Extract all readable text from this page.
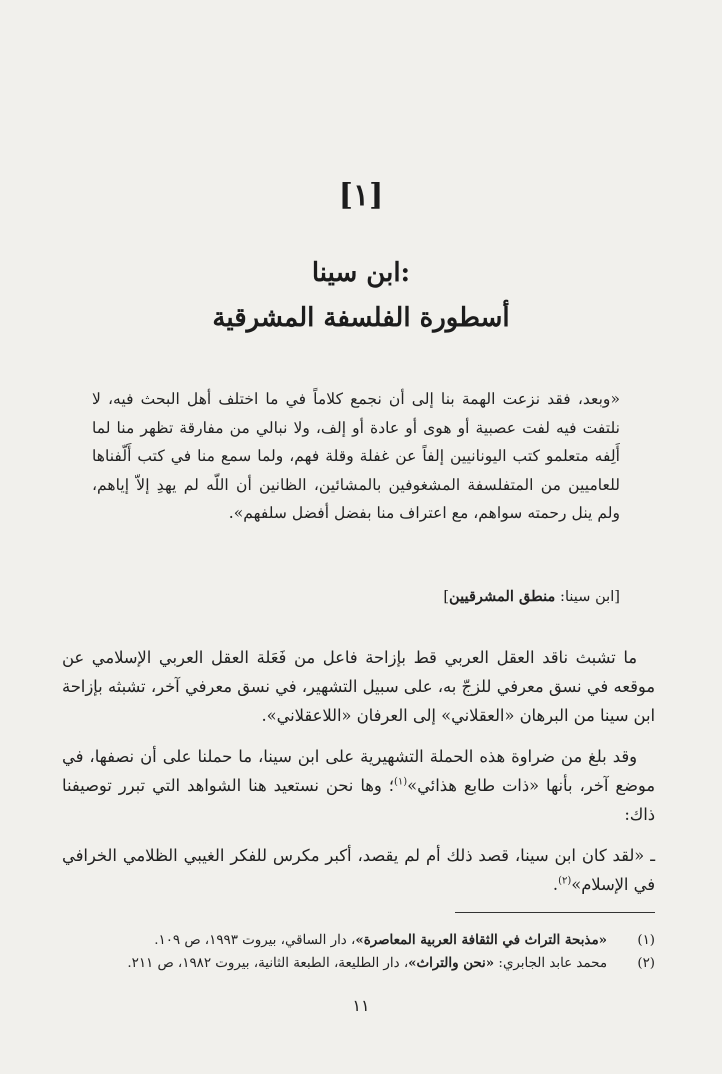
[١]
ابن سينا:
أسطورة الفلسفة المشرقية

«وبعد، فقد نزعت الهمة بنا إلى أن نجمع كلاماً في ما اختلف أهل البحث فيه، لا نلتفت فيه لفت عصبية أو هوى أو عادة أو إلف، ولا نبالي من مفارقة تظهر منا لما أَلِفه متعلمو كتب اليونانيين إلفاً عن غفلة وقلة فهم، ولما سمع منا في كتب أَلّفناها للعاميين من المتفلسفة المشغوفين بالمشائين، الظانين أن اللّه لم يهدِ إلاّ إياهم، ولم ينل رحمته سواهم، مع اعتراف منا بفضل أفضل سلفهم».

[ابن سينا: منطق المشرقيين]

ما تشبث ناقد العقل العربي قط بإزاحة فاعل من فَعَلة العقل العربي الإسلامي عن موقعه في نسق معرفي للزجّ به، على سبيل التشهير، في نسق معرفي آخر، تشبثه بإزاحة ابن سينا من البرهان «العقلاني» إلى العرفان «اللاعقلاني».

وقد بلغ من ضراوة هذه الحملة التشهيرية على ابن سينا، ما حملنا على أن نصفها، في موضع آخر، بأنها «ذات طابع هذائي»$^{(١)}$؛ وها نحن نستعيد هنا الشواهد التي تبرر توصيفنا ذاك:

ـ «لقد كان ابن سينا، قصد ذلك أم لم يقصد، أكبر مكرس للفكر الغيبي الظلامي الخرافي في الإسلام»$^{(٢)}$.

(١)
«مذبحة التراث في الثقافة العربية المعاصرة»، دار الساقي، بيروت ١٩٩٣، ص ١٠٩.
(٢)
محمد عابد الجابري: «نحن والتراث»، دار الطليعة، الطبعة الثانية، بيروت ١٩٨٢، ص ٢١١.
١١
